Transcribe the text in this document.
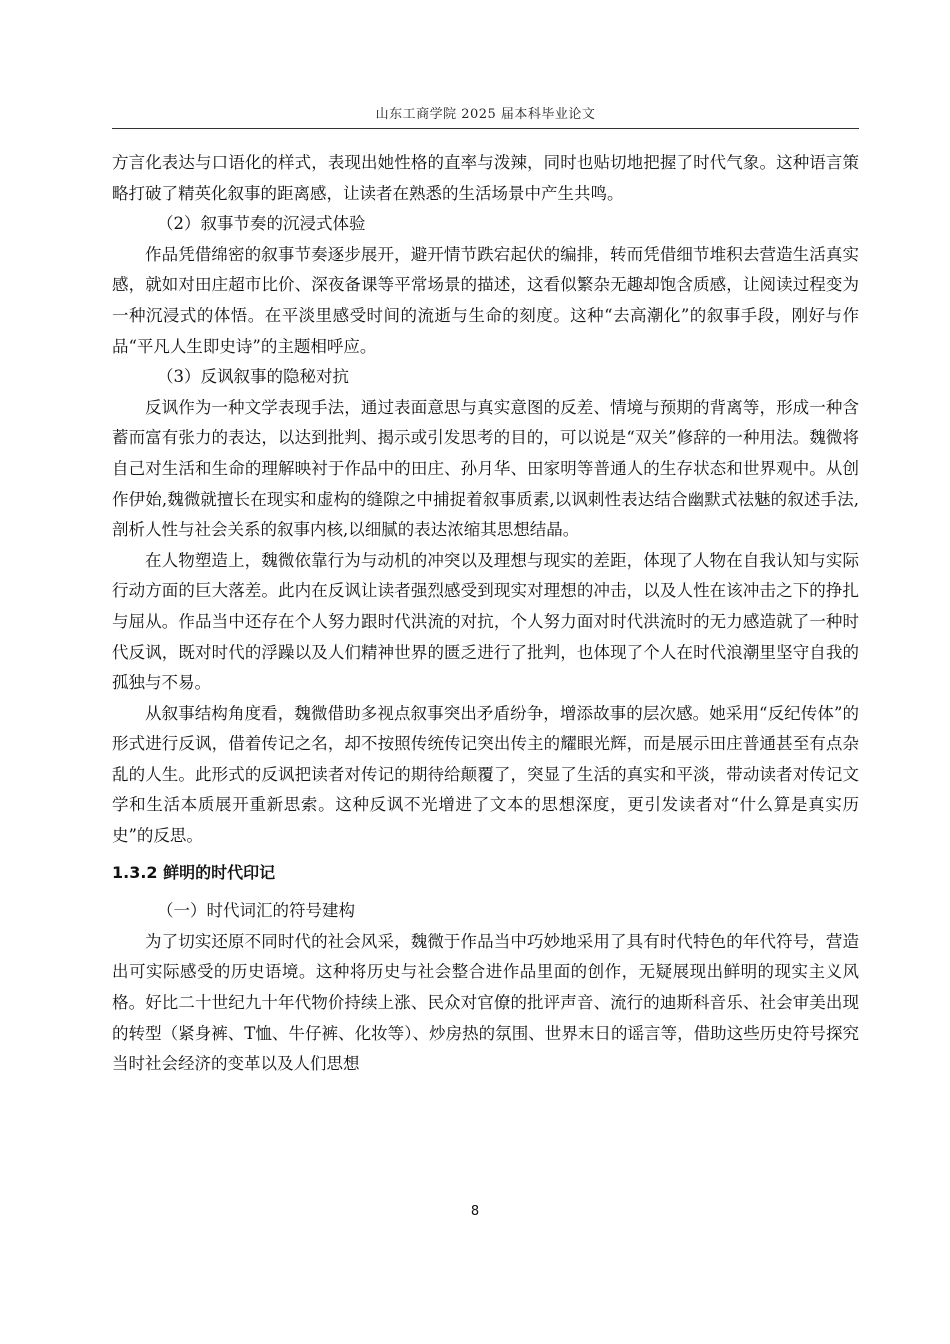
山东工商学院 2025 届本科毕业论文

方言化表达与口语化的样式，表现出她性格的直率与泼辣，同时也贴切地把握了时代气象。这种语言策略打破了精英化叙事的距离感，让读者在熟悉的生活场景中产生共鸣。

（2）叙事节奏的沉浸式体验

作品凭借绵密的叙事节奏逐步展开，避开情节跌宕起伏的编排，转而凭借细节堆积去营造生活真实感，就如对田庄超市比价、深夜备课等平常场景的描述，这看似繁杂无趣却饱含质感，让阅读过程变为一种沉浸式的体悟。在平淡里感受时间的流逝与生命的刻度。这种“去高潮化”的叙事手段，刚好与作品“平凡人生即史诗”的主题相呼应。

（3）反讽叙事的隐秘对抗

反讽作为一种文学表现手法，通过表面意思与真实意图的反差、情境与预期的背离等，形成一种含蓄而富有张力的表达，以达到批判、揭示或引发思考的目的，可以说是“双关”修辞的一种用法。魏微将自己对生活和生命的理解映衬于作品中的田庄、孙月华、田家明等普通人的生存状态和世界观中。从创作伊始,魏微就擅长在现实和虚构的缝隙之中捕捉着叙事质素,以讽刺性表达结合幽默式祛魅的叙述手法,剖析人性与社会关系的叙事内核,以细腻的表达浓缩其思想结晶。

在人物塑造上，魏微依靠行为与动机的冲突以及理想与现实的差距，体现了人物在自我认知与实际行动方面的巨大落差。此内在反讽让读者强烈感受到现实对理想的冲击，以及人性在该冲击之下的挣扎与屈从。作品当中还存在个人努力跟时代洪流的对抗，个人努力面对时代洪流时的无力感造就了一种时代反讽，既对时代的浮躁以及人们精神世界的匮乏进行了批判，也体现了个人在时代浪潮里坚守自我的孤独与不易。

从叙事结构角度看，魏微借助多视点叙事突出矛盾纷争，增添故事的层次感。她采用“反纪传体”的形式进行反讽，借着传记之名，却不按照传统传记突出传主的耀眼光辉，而是展示田庄普通甚至有点杂乱的人生。此形式的反讽把读者对传记的期待给颠覆了，突显了生活的真实和平淡，带动读者对传记文学和生活本质展开重新思索。这种反讽不光增进了文本的思想深度，更引发读者对“什么算是真实历史”的反思。

1.3.2 鲜明的时代印记

（一）时代词汇的符号建构

为了切实还原不同时代的社会风采，魏微于作品当中巧妙地采用了具有时代特色的年代符号，营造出可实际感受的历史语境。这种将历史与社会整合进作品里面的创作，无疑展现出鲜明的现实主义风格。好比二十世纪九十年代物价持续上涨、民众对官僚的批评声音、流行的迪斯科音乐、社会审美出现的转型（紧身裤、T恤、牛仔裤、化妆等）、炒房热的氛围、世界末日的谣言等，借助这些历史符号探究当时社会经济的变革以及人们思想

8
